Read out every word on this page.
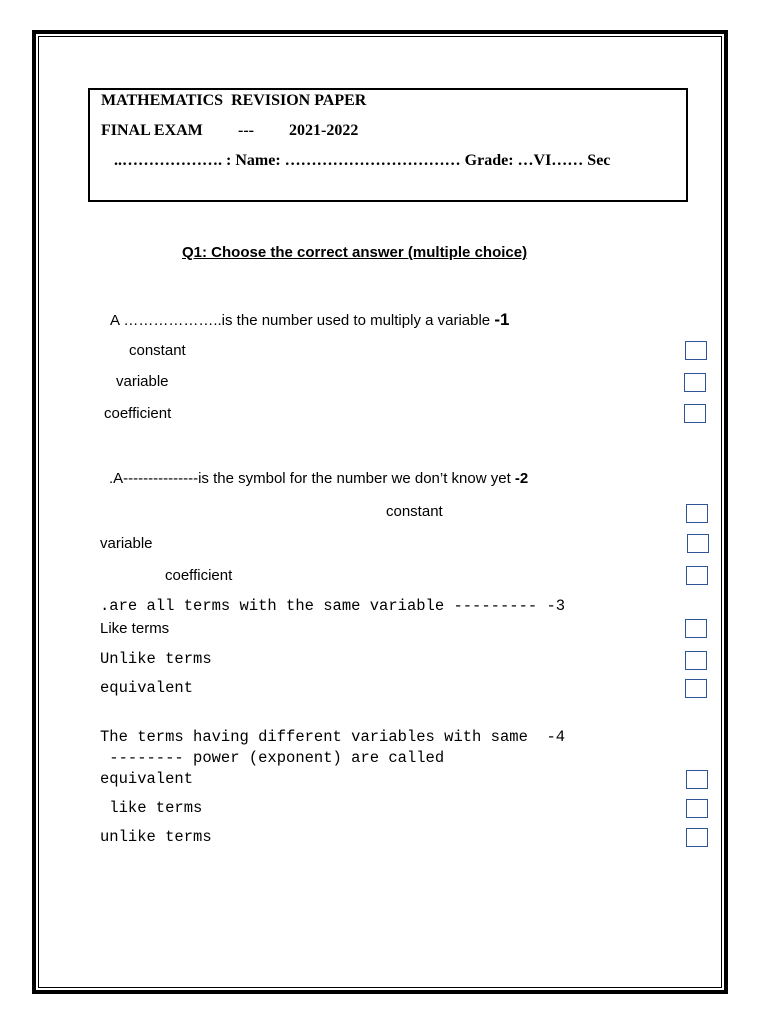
MATHEMATICS  REVISION PAPER
FINAL EXAM --- 2021-2022
..………………. : Name: …………………………… Grade: …VI…… Sec
Q1: Choose the correct answer (multiple choice)
A ………………..is the number used to multiply a variable -1
constant
variable
coefficient
.A---------------is the symbol for the number we don’t know yet -2
constant
variable
coefficient
.are all terms with the same variable --------- -3
Like terms
Unlike terms
equivalent
The terms having different variables with same  -4
-------- power (exponent) are called
equivalent
like terms
unlike terms
